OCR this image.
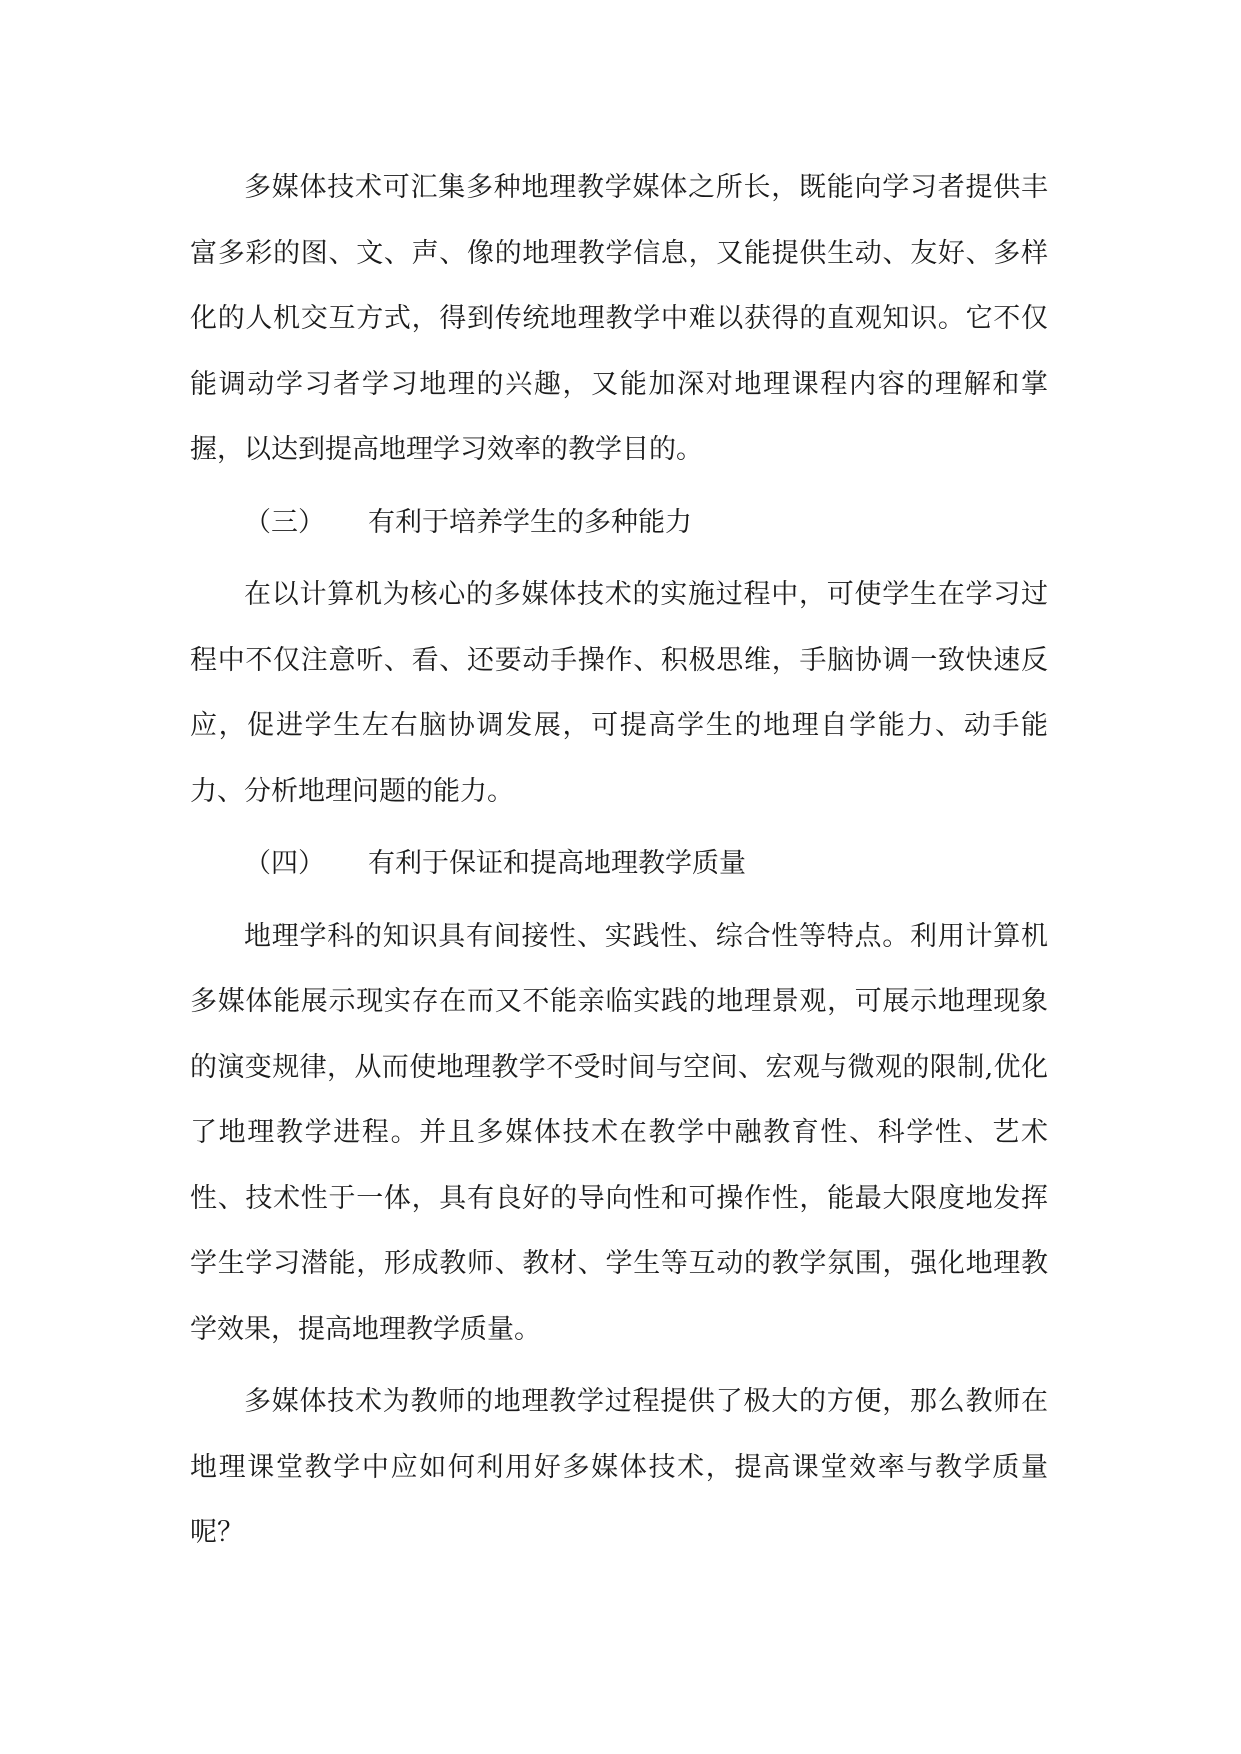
多媒体技术可汇集多种地理教学媒体之所长，既能向学习者提供丰富多彩的图、文、声、像的地理教学信息，又能提供生动、友好、多样化的人机交互方式，得到传统地理教学中难以获得的直观知识。它不仅能调动学习者学习地理的兴趣，又能加深对地理课程内容的理解和掌握，以达到提高地理学习效率的教学目的。

（三） 有利于培养学生的多种能力

在以计算机为核心的多媒体技术的实施过程中，可使学生在学习过程中不仅注意听、看、还要动手操作、积极思维，手脑协调一致快速反应，促进学生左右脑协调发展，可提高学生的地理自学能力、动手能力、分析地理问题的能力。

（四） 有利于保证和提高地理教学质量

地理学科的知识具有间接性、实践性、综合性等特点。利用计算机多媒体能展示现实存在而又不能亲临实践的地理景观，可展示地理现象的演变规律，从而使地理教学不受时间与空间、宏观与微观的限制,优化了地理教学进程。并且多媒体技术在教学中融教育性、科学性、艺术性、技术性于一体，具有良好的导向性和可操作性，能最大限度地发挥学生学习潜能，形成教师、教材、学生等互动的教学氛围，强化地理教学效果，提高地理教学质量。

多媒体技术为教师的地理教学过程提供了极大的方便，那么教师在地理课堂教学中应如何利用好多媒体技术，提高课堂效率与教学质量呢？
